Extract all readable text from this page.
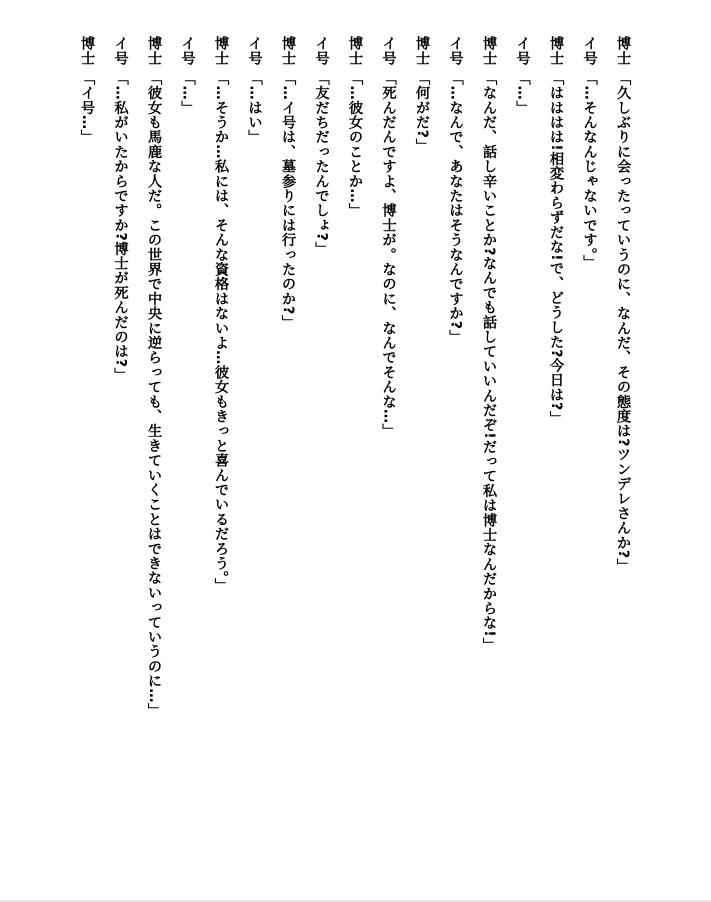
博士 「久しぶりに会ったっていうのに、なんだ、その態度は?ツンデレさんか?」
イ号 「…そんなんじゃないです。」
博士 「はははは!相変わらずだな!で、どうした?今日は?」
イ号 「…」
博士 「なんだ、話し辛いことか?なんでも話していいんだぞ!だって私は博士なんだからな!」
イ号 「…なんで、あなたはそうなんですか?」
博士 「何がだ?」
イ号 「死んだんですよ、博士が。なのに、なんでそんな…」
博士 「…彼女のことか…」
イ号 「友だちだったんでしょ?」
博士 「…イ号は、墓参りには行ったのか?」
イ号 「…はい」
博士 「…そうか…私には、そんな資格はないよ…彼女もきっと喜んでいるだろう。」
イ号 「…」
博士 「彼女も馬鹿な人だ。この世界で中央に逆らっても、生きていくことはできないっていうのに…」
イ号 「…私がいたからですか?博士が死んだのは?」
博士 「イ号…」
